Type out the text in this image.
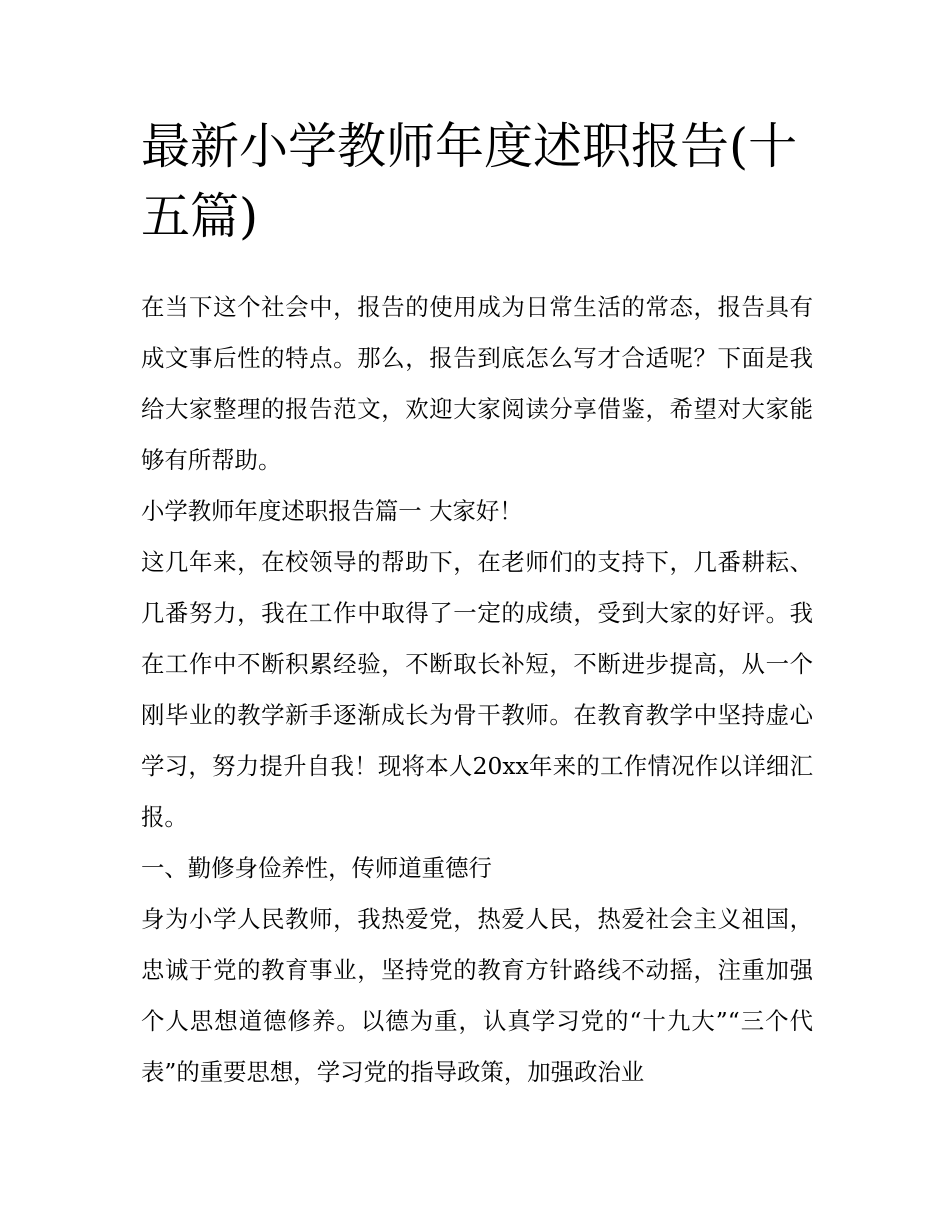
最新小学教师年度述职报告(十五篇)

在当下这个社会中，报告的使用成为日常生活的常态，报告具有成文事后性的特点。那么，报告到底怎么写才合适呢？下面是我给大家整理的报告范文，欢迎大家阅读分享借鉴，希望对大家能够有所帮助。

小学教师年度述职报告篇一 大家好！

这几年来，在校领导的帮助下，在老师们的支持下，几番耕耘、几番努力，我在工作中取得了一定的成绩，受到大家的好评。我在工作中不断积累经验，不断取长补短，不断进步提高，从一个刚毕业的教学新手逐渐成长为骨干教师。在教育教学中坚持虚心学习，努力提升自我！现将本人20xx年来的工作情况作以详细汇报。

一、勤修身俭养性，传师道重德行

身为小学人民教师，我热爱党，热爱人民，热爱社会主义祖国，忠诚于党的教育事业，坚持党的教育方针路线不动摇，注重加强个人思想道德修养。以德为重，认真学习党的“十九大”“三个代表”的重要思想，学习党的指导政策，加强政治业
